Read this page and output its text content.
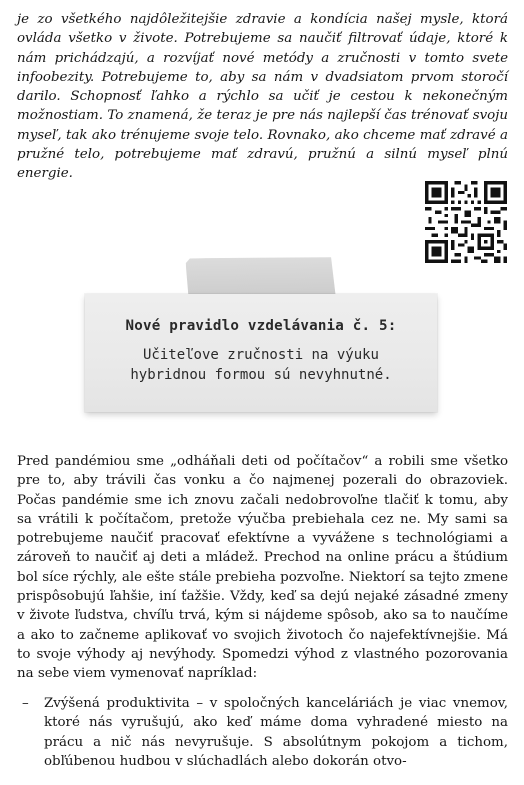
je zo všetkého najdôležitejšie zdravie a kondícia našej mysle, ktorá ovláda všetko v živote. Potrebujeme sa naučiť filtrovať údaje, ktoré k nám prichádzajú, a rozvíjať nové metódy a zručnosti v tomto svete infoobezity. Potrebujeme to, aby sa nám v dvadsiatom prvom storočí darilo. Schopnosť ľahko a rýchlo sa učiť je cestou k nekonečným možnostiam. To znamená, že teraz je pre nás najlepší čas trénovať svoju myseľ, tak ako trénujeme svoje telo. Rovnako, ako chceme mať zdravé a pružné telo, potrebujeme mať zdravú, pružnú a silnú myseľ plnú energie.

Nové pravidlo vzdelávania č. 5:

Učiteľove zručnosti na výuku
hybridnou formou sú nevyhnutné.

Pred pandémiou sme „odháňali deti od počítačov“ a robili sme všetko pre to, aby trávili čas vonku a čo najmenej pozerali do obrazoviek. Počas pandémie sme ich znovu začali nedobrovoľne tlačiť k tomu, aby sa vrátili k počítačom, pretože výučba prebiehala cez ne. My sami sa potrebujeme naučiť pracovať efektívne a vyvážene s technológiami a zároveň to naučiť aj deti a mládež. Prechod na online prácu a štúdium bol síce rýchly, ale ešte stále prebieha pozvoľne. Niektorí sa tejto zmene prispôsobujú ľahšie, iní ťažšie. Vždy, keď sa dejú nejaké zásadné zmeny v živote ľudstva, chvíľu trvá, kým si nájdeme spôsob, ako sa to naučíme a ako to začneme aplikovať vo svojich životoch čo najefektívnejšie. Má to svoje výhody aj nevýhody. Spomedzi výhod z vlastného pozorovania na sebe viem vymenovať napríklad:

– Zvýšená produktivita – v spoločných kanceláriách je viac vnemov, ktoré nás vyrušujú, ako keď máme doma vyhradené miesto na prácu a nič nás nevyrušuje. S absolútnym pokojom a tichom, obľúbenou hudbou v slúchadlách alebo dokorán otvo-
